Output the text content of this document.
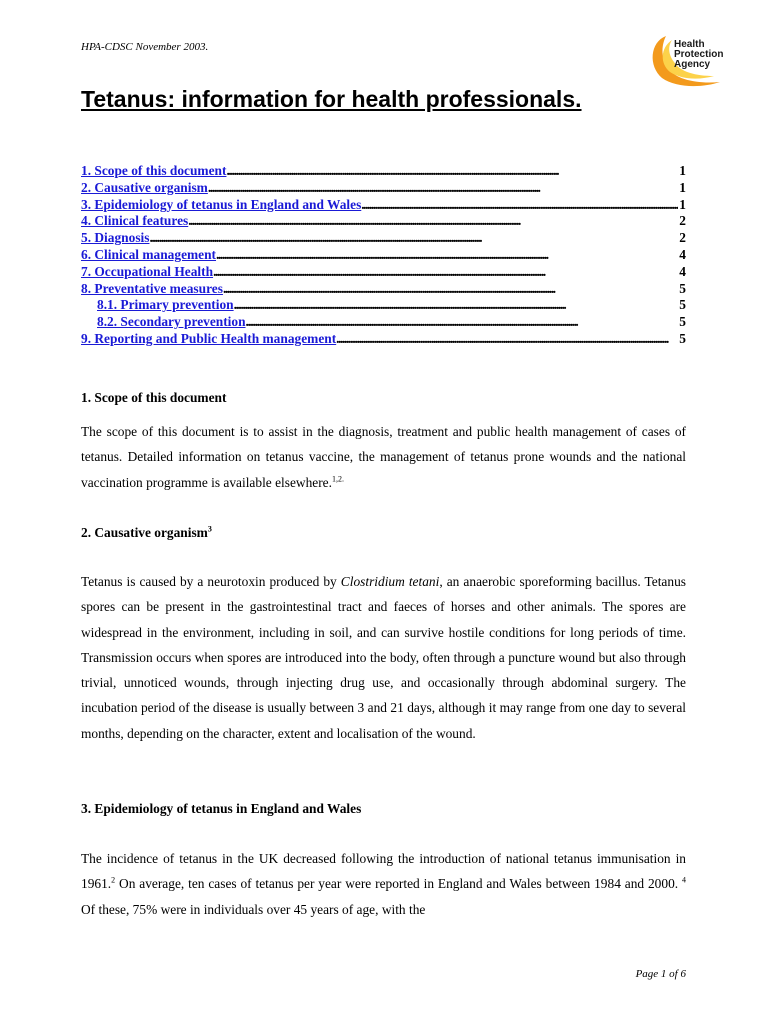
HPA-CDSC November 2003.	Health
Protection
Agency
Tetanus: information for health professionals.
1. Scope of this document . . .	1
2. Causative organism . . .	1
3. Epidemiology of tetanus in England and Wales . . .	1
4. Clinical features . . .	2
5. Diagnosis . . .	2
6. Clinical management . . .	4
7. Occupational Health . . .	4
8. Preventative measures . . .	5
8.1. Primary prevention . . .	5
8.2. Secondary prevention . . .	5
9. Reporting and Public Health management . . .	5
1. Scope of this document

The scope of this document is to assist in the diagnosis, treatment and public health management of cases of tetanus. Detailed information on tetanus vaccine, the management of tetanus prone wounds and the national vaccination programme is available elsewhere.$^{1,2.}$

2. Causative organism$^3$

Tetanus is caused by a neurotoxin produced by Clostridium tetani, an anaerobic sporeforming bacillus. Tetanus spores can be present in the gastrointestinal tract and faeces of horses and other animals. The spores are widespread in the environment, including in soil, and can survive hostile conditions for long periods of time. Transmission occurs when spores are introduced into the body, often through a puncture wound but also through trivial, unnoticed wounds, through injecting drug use, and occasionally through abdominal surgery. The incubation period of the disease is usually between 3 and 21 days, although it may range from one day to several months, depending on the character, extent and localisation of the wound.

3. Epidemiology of tetanus in England and Wales

The incidence of tetanus in the UK decreased following the introduction of national tetanus immunisation in 1961.$^2$ On average, ten cases of tetanus per year were reported in England and Wales between 1984 and 2000. $^4$ Of these, 75% were in individuals over 45 years of age, with the

Page 1 of 6
